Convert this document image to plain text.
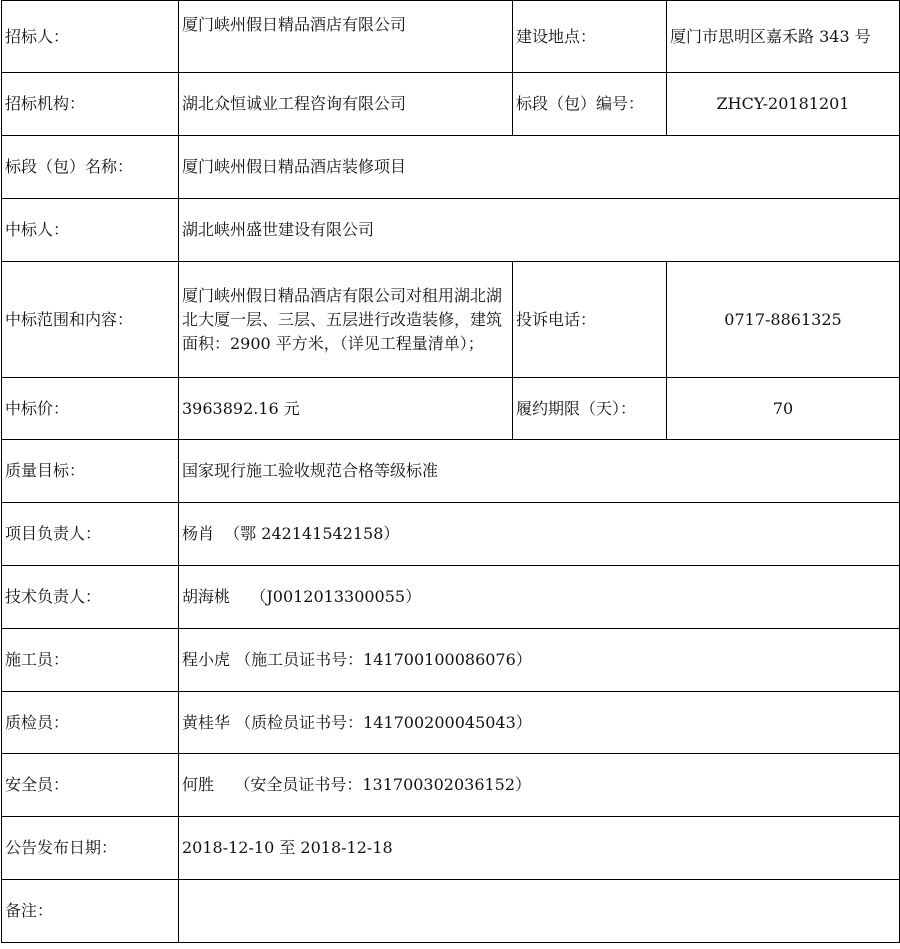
招标人：	厦门峡州假日精品酒店有限公司	建设地点：	厦门市思明区嘉禾路 343 号
招标机构：	湖北众恒诚业工程咨询有限公司	标段（包）编号：	ZHCY-20181201
标段（包）名称：	厦门峡州假日精品酒店装修项目		
中标人：	湖北峡州盛世建设有限公司		
中标范围和内容：	厦门峡州假日精品酒店有限公司对租用湖北湖北大厦一层、三层、五层进行改造装修，建筑面积：2900 平方米，（详见工程量清单）；	投诉电话：	0717-8861325
中标价：	3963892.16 元	履约期限（天）：	70
质量目标：	国家现行施工验收规范合格等级标准		
项目负责人：	杨肖  （鄂 242141542158）		
技术负责人：	胡海桃    （J0012013300055）		
施工员：	程小虎 （施工员证书号：141700100086076）		
质检员：	黄桂华 （质检员证书号：141700200045043）		
安全员：	何胜    （安全员证书号：131700302036152）		
公告发布日期：	2018-12-10 至 2018-12-18		
备注：			
